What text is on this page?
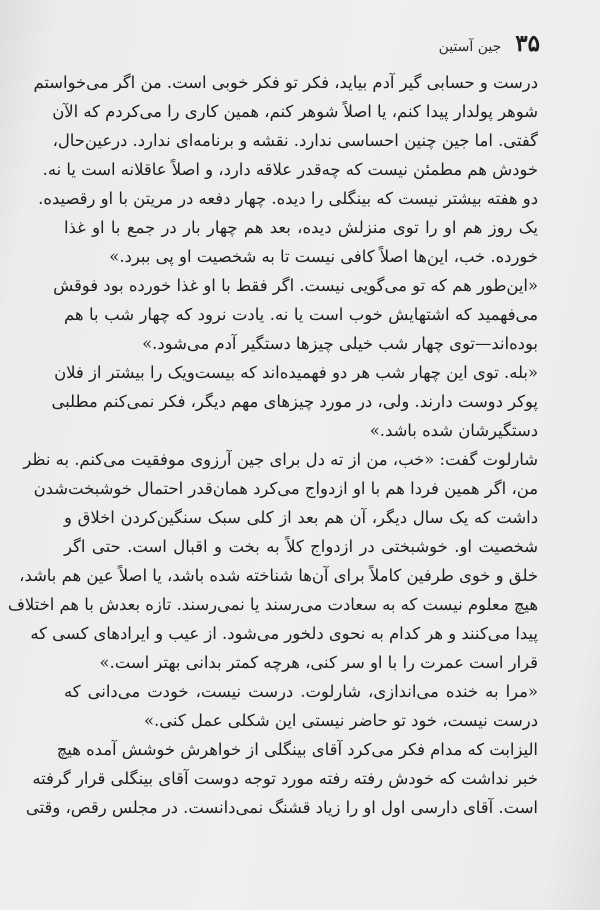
۳۵
جین آستین
درست و حسابی گیر آدم بیاید، فکر تو فکر خوبی است. من اگر می‌خواستم
شوهر پولدار پیدا کنم، یا اصلاً شوهر کنم، همین کاری را می‌کردم که الآن
گفتی. اما جین چنین احساسی ندارد. نقشه و برنامه‌ای ندارد. درعین‌حال،
خودش هم مطمئن نیست که چه‌قدر علاقه دارد، و اصلاً عاقلانه است یا نه.
دو هفته بیشتر نیست که بینگلی را دیده. چهار دفعه در مریتن با او رقصیده.
یک روز هم او را توی منزلش دیده، بعد هم چهار بار در جمع با او غذا
خورده. خب، این‌ها اصلاً کافی نیست تا به شخصیت او پی ببرد.»
«این‌طور هم که تو می‌گویی نیست. اگر فقط با او غذا خورده بود فوقش
می‌فهمید که اشتهایش خوب است یا نه. یادت نرود که چهار شب با هم
بوده‌اند—توی چهار شب خیلی چیزها دستگیر آدم می‌شود.»
«بله. توی این چهار شب هر دو فهمیده‌اند که بیست‌ویک را بیشتر از فلان
پوکر دوست دارند. ولی، در مورد چیزهای مهم دیگر، فکر نمی‌کنم مطلبی
دستگیرشان شده باشد.»
شارلوت گفت: «خب، من از ته دل برای جین آرزوی موفقیت می‌کنم. به نظر
من، اگر همین فردا هم با او ازدواج می‌کرد همان‌قدر احتمال خوشبخت‌شدن
داشت که یک سال دیگر، آن هم بعد از کلی سبک سنگین‌کردن اخلاق و
شخصیت او. خوشبختی در ازدواج کلاً به بخت و اقبال است. حتی اگر
خلق و خوی طرفین کاملاً برای آن‌ها شناخته شده باشد، یا اصلاً عین هم باشد،
هیچ معلوم نیست که به سعادت می‌رسند یا نمی‌رسند. تازه بعدش با هم اختلاف
پیدا می‌کنند و هر کدام به نحوی دلخور می‌شود. از عیب و ایرادهای کسی که
قرار است عمرت را با او سر کنی، هرچه کمتر بدانی بهتر است.»
«مرا به خنده می‌اندازی، شارلوت. درست نیست، خودت می‌دانی که
درست نیست، خود تو حاضر نیستی این شکلی عمل کنی.»
الیزابت که مدام فکر می‌کرد آقای بینگلی از خواهرش خوشش آمده هیچ
خبر نداشت که خودش رفته رفته مورد توجه دوست آقای بینگلی قرار گرفته
است. آقای دارسی اول او را زیاد قشنگ نمی‌دانست. در مجلس رقص، وقتی
